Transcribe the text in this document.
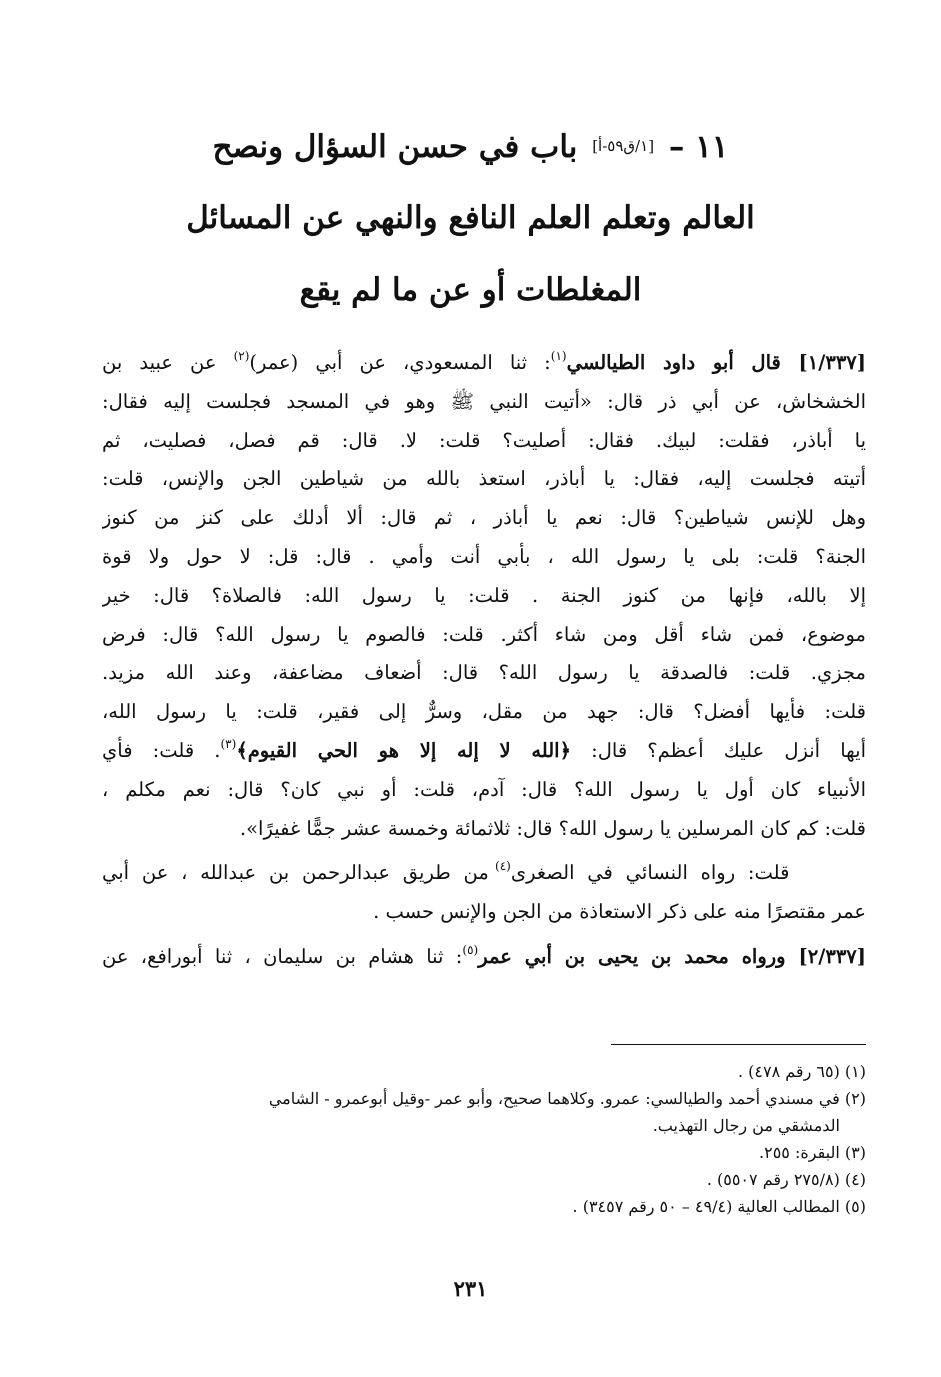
١١ – [١/ق٥٩-أ] باب في حسن السؤال ونصح
العالم وتعلم العلم النافع والنهي عن المسائل
المغلطات أو عن ما لم يقع
[١/٣٣٧] قال أبو داود الطيالسي$^{(١)}$: ثنا المسعودي، عن أبي (عمر)$^{(٢)}$ عن عبيد بن
الخشخاش، عن أبي ذر قال: «أتيت النبي ﷺ وهو في المسجد فجلست إليه فقال:
يا أباذر، فقلت: لبيك. فقال: أصليت؟ قلت: لا. قال: قم فصل، فصليت، ثم
أتيته فجلست إليه، فقال: يا أباذر، استعذ بالله من شياطين الجن والإنس، قلت:
وهل للإنس شياطين؟ قال: نعم يا أباذر ، ثم قال: ألا أدلك على كنز من كنوز
الجنة؟ قلت: بلى يا رسول الله ، بأبي أنت وأمي . قال: قل: لا حول ولا قوة
إلا بالله، فإنها من كنوز الجنة . قلت: يا رسول الله: فالصلاة؟ قال: خير
موضوع، فمن شاء أقل ومن شاء أكثر. قلت: فالصوم يا رسول الله؟ قال: فرض
مجزي. قلت: فالصدقة يا رسول الله؟ قال: أضعاف مضاعفة، وعند الله مزيد.
قلت: فأيها أفضل؟ قال: جهد من مقل، وسرٌّ إلى فقير، قلت: يا رسول الله،
أيها أنزل عليك أعظم؟ قال: ﴿الله لا إله إلا هو الحي القيوم﴾$^{(٣)}$. قلت: فأي
الأنبياء كان أول يا رسول الله؟ قال: آدم، قلت: أو نبي كان؟ قال: نعم مكلم ،
قلت: كم كان المرسلين يا رسول الله؟ قال: ثلاثمائة وخمسة عشر جمًّا غفيرًا».
قلت: رواه النسائي في الصغرى$^{(٤)}$ من طريق عبدالرحمن بن عبدالله ، عن أبي
عمر مقتصرًا منه على ذكر الاستعاذة من الجن والإنس حسب .
[٢/٣٣٧] ورواه محمد بن يحيى بن أبي عمر$^{(٥)}$: ثنا هشام بن سليمان ، ثنا أبورافع، عن
(١) (٦٥ رقم ٤٧٨) .
(٢) في مسندي أحمد والطيالسي: عمرو. وكلاهما صحيح، وأبو عمر -وقيل أبوعمرو - الشامي
الدمشقي من رجال التهذيب.
(٣) البقرة: ٢٥٥.
(٤) (٢٧٥/٨ رقم ٥٥٠٧) .
(٥) المطالب العالية (٤٩/٤ – ٥٠ رقم ٣٤٥٧) .
٢٣١
